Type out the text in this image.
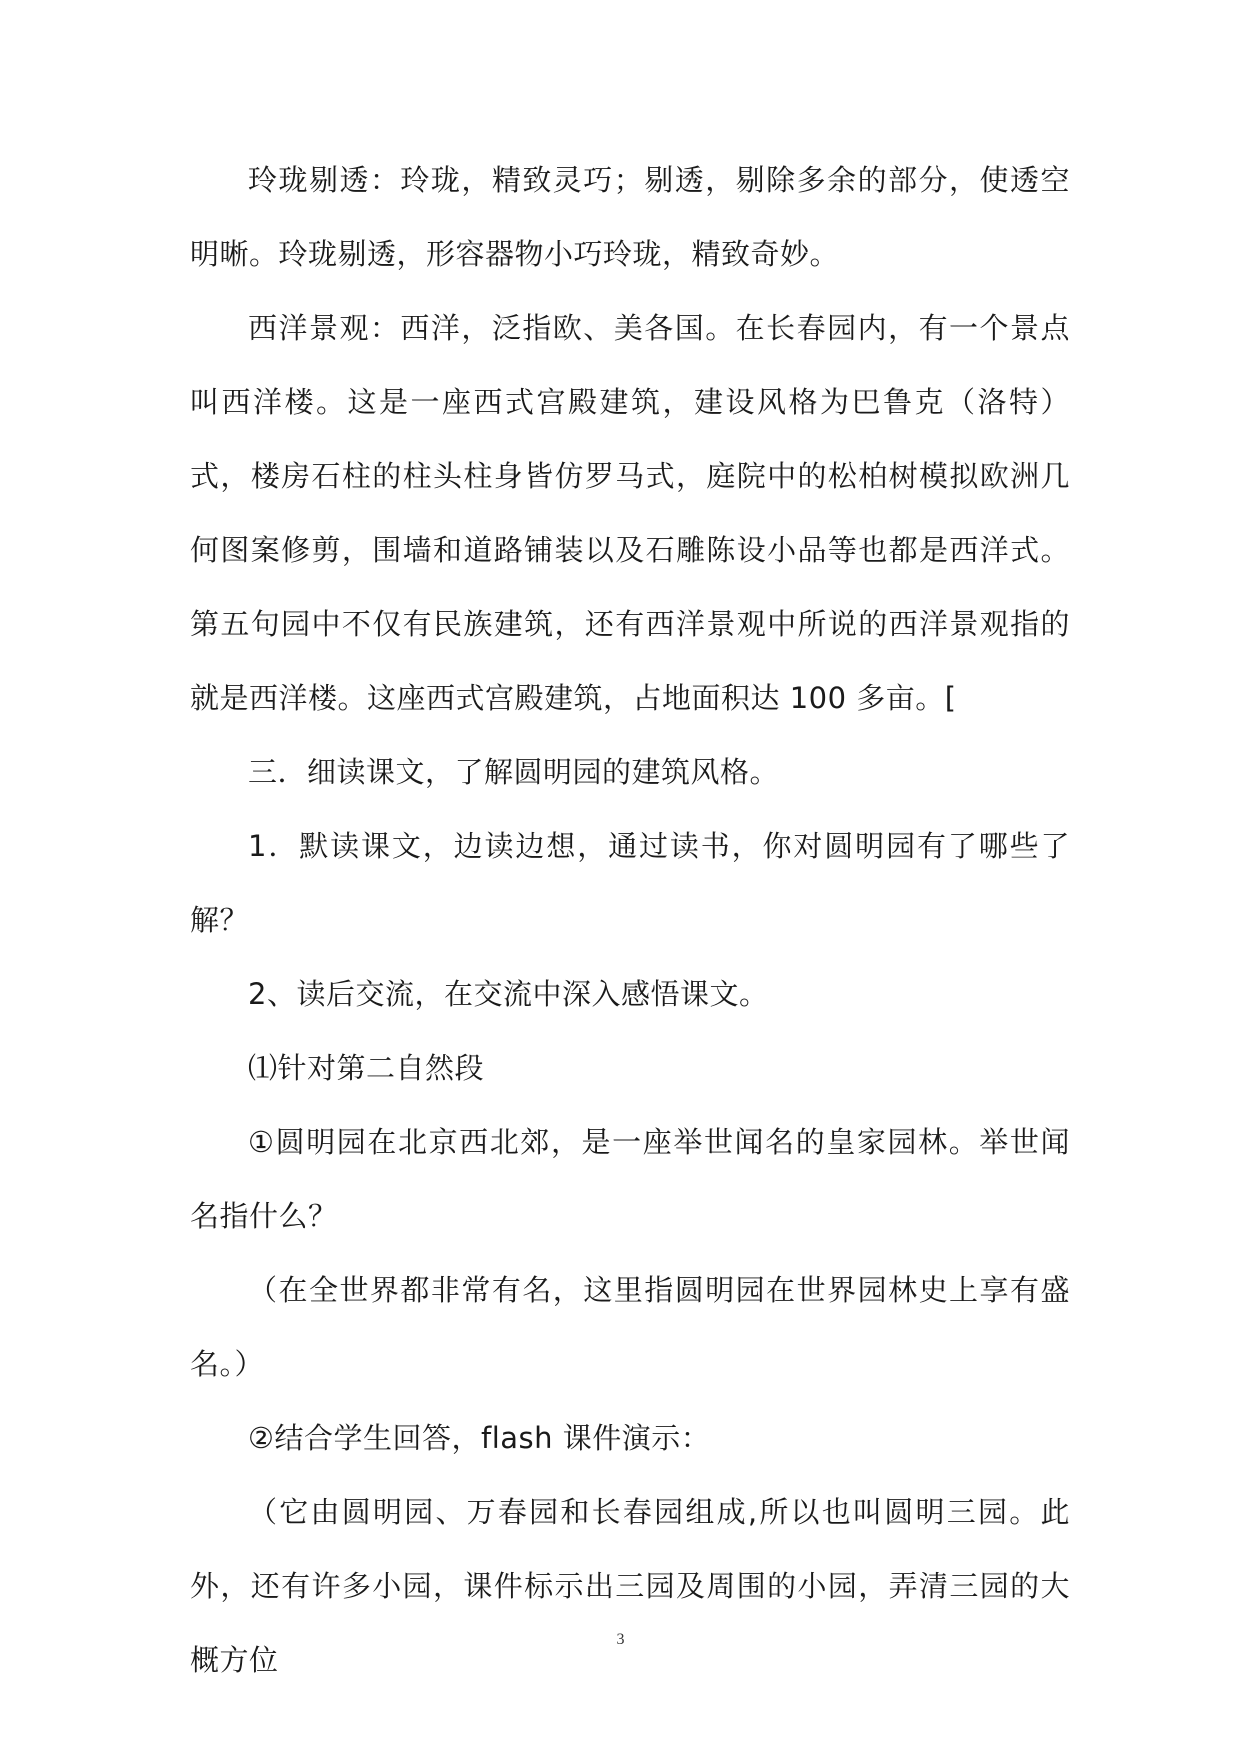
玲珑剔透：玲珑，精致灵巧；剔透，剔除多余的部分，使透空明晰。玲珑剔透，形容器物小巧玲珑，精致奇妙。

西洋景观：西洋，泛指欧、美各国。在长春园内，有一个景点叫西洋楼。这是一座西式宫殿建筑，建设风格为巴鲁克（洛特）式，楼房石柱的柱头柱身皆仿罗马式，庭院中的松柏树模拟欧洲几何图案修剪，围墙和道路铺装以及石雕陈设小品等也都是西洋式。第五句园中不仅有民族建筑，还有西洋景观中所说的西洋景观指的就是西洋楼。这座西式宫殿建筑，占地面积达 100 多亩。[

三．细读课文，了解圆明园的建筑风格。

1．默读课文，边读边想，通过读书，你对圆明园有了哪些了解？

2、读后交流，在交流中深入感悟课文。

⑴针对第二自然段

①圆明园在北京西北郊，是一座举世闻名的皇家园林。举世闻名指什么？

（在全世界都非常有名，这里指圆明园在世界园林史上享有盛名。）

②结合学生回答，flash 课件演示：

（它由圆明园、万春园和长春园组成,所以也叫圆明三园。此外，还有许多小园，课件标示出三园及周围的小园，弄清三园的大概方位

3
